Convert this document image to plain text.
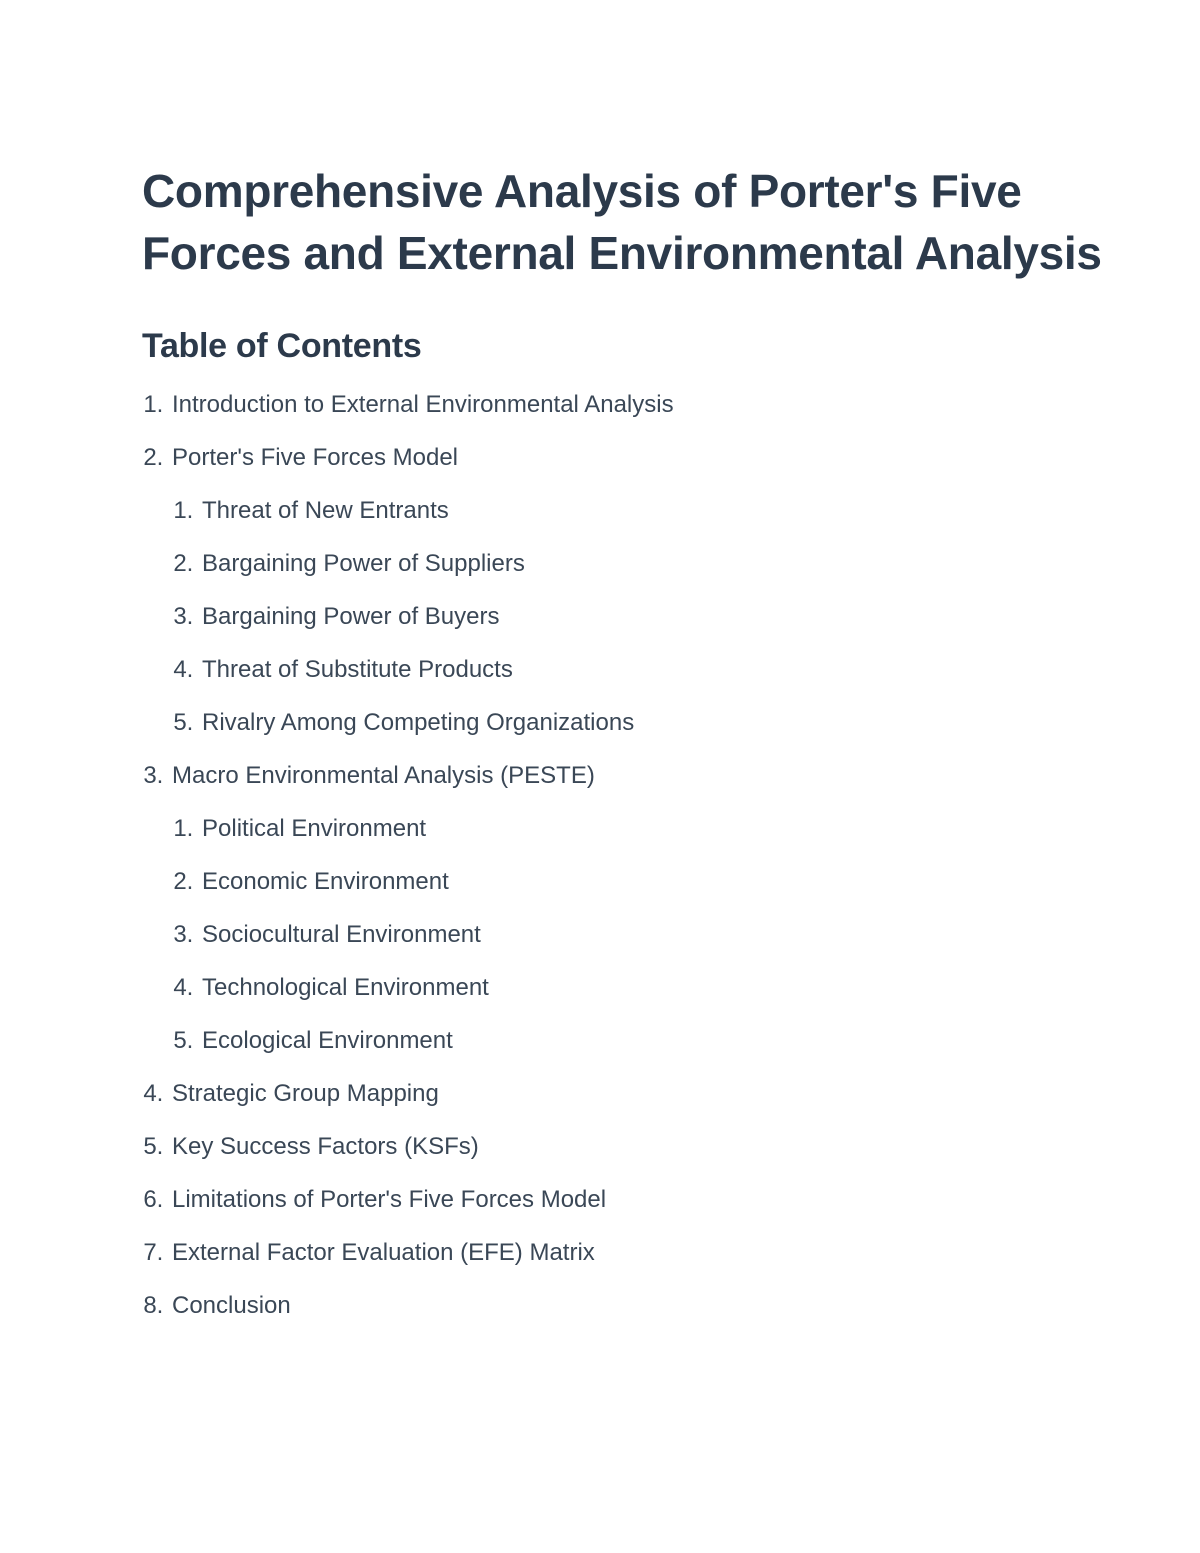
Comprehensive Analysis of Porter's Five Forces and External Environmental Analysis
Table of Contents
1. Introduction to External Environmental Analysis
2. Porter's Five Forces Model
1. Threat of New Entrants
2. Bargaining Power of Suppliers
3. Bargaining Power of Buyers
4. Threat of Substitute Products
5. Rivalry Among Competing Organizations
3. Macro Environmental Analysis (PESTE)
1. Political Environment
2. Economic Environment
3. Sociocultural Environment
4. Technological Environment
5. Ecological Environment
4. Strategic Group Mapping
5. Key Success Factors (KSFs)
6. Limitations of Porter's Five Forces Model
7. External Factor Evaluation (EFE) Matrix
8. Conclusion
